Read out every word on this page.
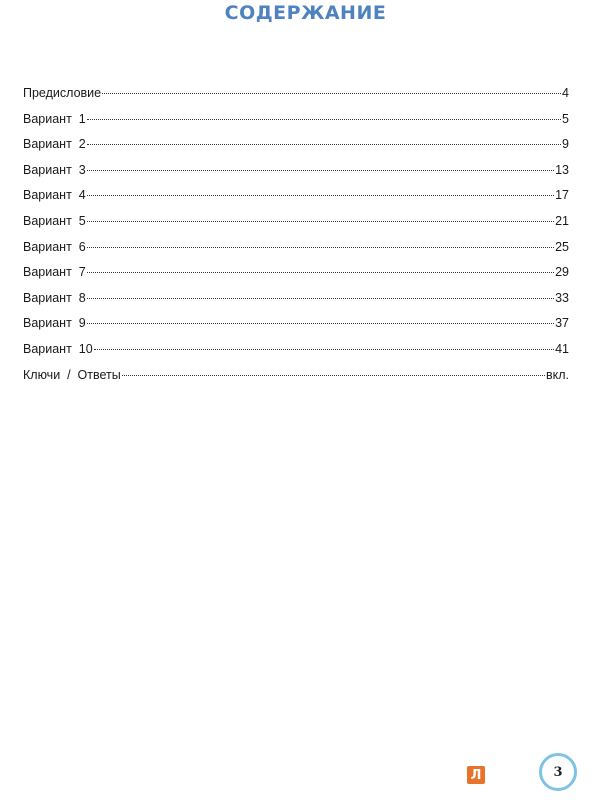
СОДЕРЖАНИЕ
Предисловие	4
Вариант  1	5
Вариант  2	9
Вариант  3	13
Вариант  4	17
Вариант  5	21
Вариант  6	25
Вариант  7	29
Вариант  8	33
Вариант  9	37
Вариант  10	41
Ключи  /  Ответы	вкл.
Л	3
